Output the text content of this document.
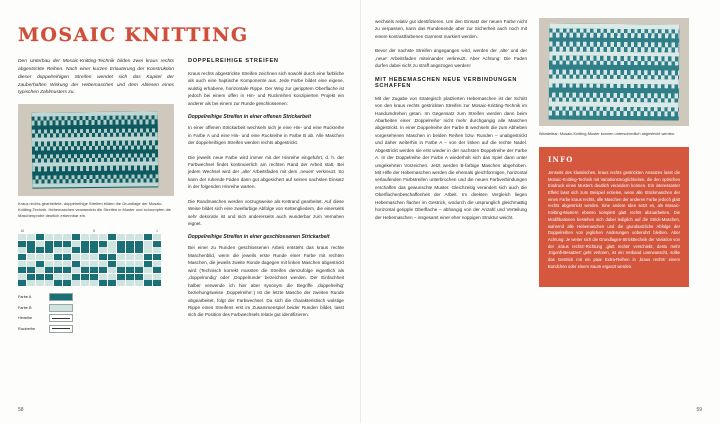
MOSAIC KNITTING

Den Unterbau der Mosaic-Knitting-Technik bilden zwei kraus rechts abgestrickte Reihen. Nach einer kurzen Erlauterung der Konstruktion dieser doppelreihigen Streifen wendet sich das Kapitel der zauberhaften Wirkung der Hebemaschen und dem Ablesen eines typischen Zahlmusters zu.

Kraus rechts gearbeitete, doppelreihige Streifen bilden die Grundlage der Mosaic-Knitting-Technik. Hebemaschen verwandeln die Streifen in Muster und schrumpfen die Maschenprobe deutlich erkennbar ein.
16	8	1
Farbe A
Farbe B
Hinreihe
Ruckreihe
DOPPELREIHIGE STREIFEN

Kraus rechts abgestrickte Streifen zeichnen sich sowohl durch eine farbliche als auch eine haptische Komponente aus. Jede Farbe bildet eine eigene, wulstig erhabene, horizontale Rippe. Der Weg zur geripptem Oberflache ist jedoch bei einem offen in Hin- und Ruckreihen konzipierten Projekt ein anderer als bei einem zur Runde geschlossenen:

Doppelreihige Streifen in einer offenen Strickarbeit

In einer offenen Strickarbeit wechseln sich je eine Hin- und eine Ruckreihe in Farbe A und eine Hin- und eine Ruckreihe in Farbe B ab. Alle Maschen der doppelreihigen Streifen werden rechts abgestrickt.

Die jeweils neue Farbe wird immer mit der Hinreihe eingefuhrt, d. h. der Farbwechsel findet kontinuierlich am rechten Rand der Arbeit statt. Bei jedem Wechsel wird der ,alte' Arbeitsfaden mit dem ,neuen' verkreuzt. So kann der ruhende Faden dann gut abgesichert auf seinen nachsten Einsatz in der folgenden Hinreihe warten.

Die Randmaschen werden vorzugsweise als Kettrand gearbeitet. Auf diese Weise bildet sich eine zweifarbige Abfolge von Kettengliedern, die einerseits sehr dekorativ ist und sich andererseits auch wunderbar zum Vernahen eignet.

Doppelreihige Streifen in einer geschlossenen Strickarbeit

Bei einer zu Runden geschlossenen Arbeit entsteht das kraus rechte Maschenbild, wenn die jeweils erste Runde einer Farbe mit rechten Maschen, die jeweils zweite Runde dagegen mit linken Maschen abgestrickt wird (Technisch korrekt mussten die Streifen demzufolge eigentlich als ,doppelrundig' oder ,Doppelrunde' bezeichnet werden. Der Einfachheit halber verwende ich hier aber synonym die Begriffe ,doppelreihig' beziehungsweise ,Doppelreihe'.) Ist die letzte Masche der zweiten Runde abgearbeitet, folgt der Farbwechsel. Da sich die charakteristisch wulstige Rippe eines Streifens erst im Zusammenspiel beider Runden bildet, lasst sich die Position des Farbwechsels relativ gut identifizieren.

58

wechsels relativ gut identifizieren. Um den Einsatz der neuen Farbe nicht zu verpassen, kann das Rundenende aber zur Sicherheit auch noch mit einem kontrastfarbenen Garnrest markiert werden.

Bevor der nachste Streifen angegangen wird, werden der ,alte' und der ,neue' Arbeitsfaden miteinander verkreuzt. Aber Achtung: Die Faden durfen dabei nicht zu straff angezogen werden!

MIT HEBEMASCHEN NEUE VERBINDUNGEN SCHAFFEN

Mit der Zugabe von strategisch platzierten Hebemaschen ist der Schritt von den kraus rechts gestrickten Streifen zur Mosaic-Knitting-Technik im Handumdrehen getan. Im Gegensatz zum Streifen werden dann beim Abarbeiten einer ,Doppelreihe' nicht mehr durchgangig alle Maschen abgestrickt. In einer Doppelreihe der Farbe B wechseln die zum Abheben vorgesehenen Maschen in beiden Reihen bzw. Runden – unabgestrickt und daher weiterhin in Farbe A – von der linken auf die rechte Nadel. Abgestrickt werden sie erst wieder in der nachsten Doppelreihe der Farbe A. In der Doppelreihe der Farbe A wiederholt sich das Spiel dann unter umgekehrten Vorzeichen. Jetzt werden B-farbige Maschen abgehoben. Mit Hilfe der Hebemaschen werden die ehemals gleichformigen, horizontal verlaufenden Farbstreifen unterbrochen und die neuen Farbverbindungen erschaffen das gewunschte Muster. Gleichzeitig verandert sich auch die Oberflachenbeschaffenheit der Arbeit. Im direkten Vergleich liegen Hebemaschen flacher im Gestrick, wodurch die ursprunglich gleichmaBig horizontal geripple Oberflache – abhangig von der Anzahl und Verteilung der Hebemaschen – insgesamt einer eher noppigen Struktur weicht.

Wandelbar: Mosaic-Knitting-Muster konnen unterschiedlich abgestrickt werden.
INFO

Jenseits des klassischen, kraus rechts gestrickten Ansatzes lasst die Mosaic-Knitting-Technik mit Variationsmoglichkeiten, die den optischen Eindruck eines Musters deutlich verandern konnen. Ein interessanter Effekt lasst sich zum Beispiel erzielen, wenn alle Strickmaschen der einen Farbe kraus rechts, alle Maschen der anderen Farbe jedoch glatt rechts abgestrickt werden. Eine andere Idee setzt es, als Mosaic-Knitting-Mustern ebenso komplett glatt rechts abzuarbeiten. Die Modifikationen bestehen sich dabei lediglich auf die Strick-Maschen, wahrend alle Hebemaschen und die grundsatzliche Abfolge der Doppelreihen von jeglichen Anderungen unberuhrt bleiben. Aber Achtung: Je weiter sich die Grundlagen-Strickttechnik der Variation von der ,kraus rechts'-Richtung ,glatt rechts' verschiebt, desto mehr ,Eigenfi-Besatzes' geht verloren, ist ein Verband unerwunscht, sollte das Gestrick mit ein paar Extra-Reihen in ,kraus rechts' einem Bundchen oder einem Saum erganzt werden.

59
